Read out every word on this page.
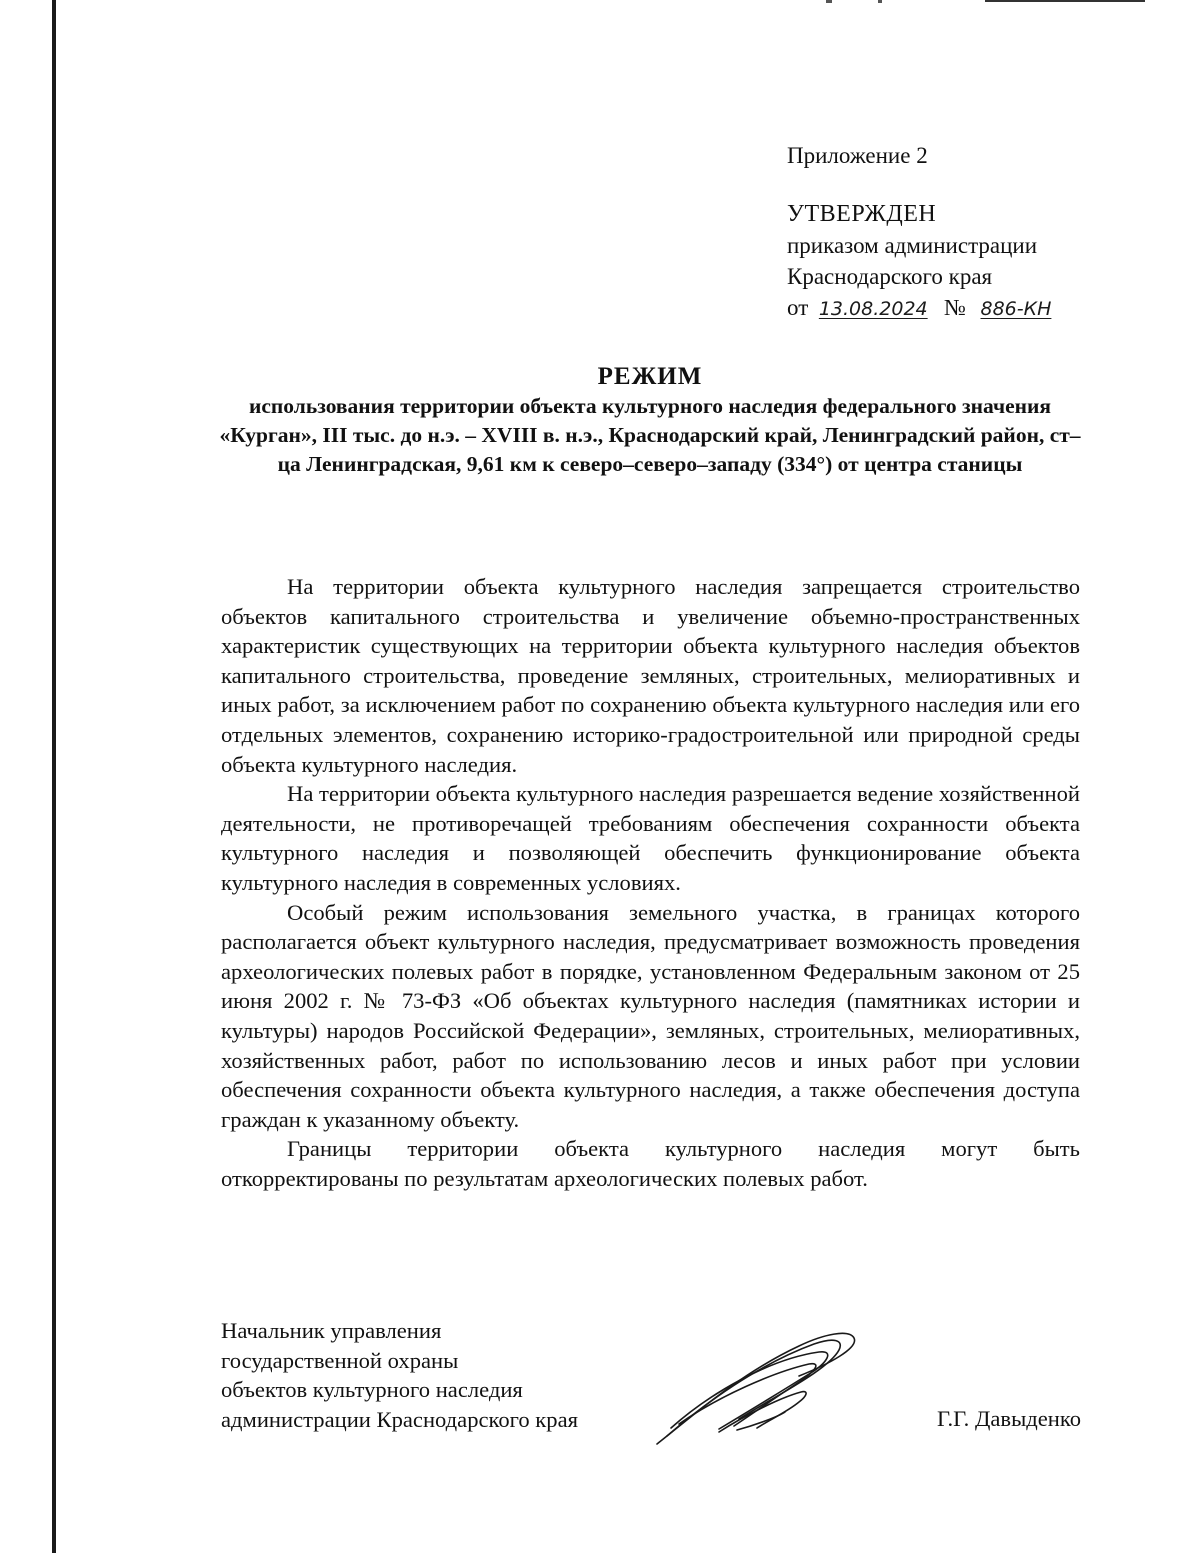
Приложение 2
УТВЕРЖДЕН
приказом администрации
Краснодарского края
от 13.08.2024 № 886-КН
РЕЖИМ
использования территории объекта культурного наследия федерального значения «Курган», III тыс. до н.э. – XVIII в. н.э., Краснодарский край, Ленинградский район, ст–ца Ленинградская, 9,61 км к северо–северо–западу (334°) от центра станицы

На территории объекта культурного наследия запрещается строительство объектов капитального строительства и увеличение объемно-пространственных характеристик существующих на территории объекта культурного наследия объектов капитального строительства, проведение земляных, строительных, мелиоративных и иных работ, за исключением работ по сохранению объекта культурного наследия или его отдельных элементов, сохранению историко-градостроительной или природной среды объекта культурного наследия.

На территории объекта культурного наследия разрешается ведение хозяйственной деятельности, не противоречащей требованиям обеспечения сохранности объекта культурного наследия и позволяющей обеспечить функционирование объекта культурного наследия в современных условиях.

Особый режим использования земельного участка, в границах которого располагается объект культурного наследия, предусматривает возможность проведения археологических полевых работ в порядке, установленном Федеральным законом от 25 июня 2002 г. № 73-ФЗ «Об объектах культурного наследия (памятниках истории и культуры) народов Российской Федерации», земляных, строительных, мелиоративных, хозяйственных работ, работ по использованию лесов и иных работ при условии обеспечения сохранности объекта культурного наследия, а также обеспечения доступа граждан к указанному объекту.

Границы территории объекта культурного наследия могут быть откорректированы по результатам археологических полевых работ.

Начальник управления
государственной охраны
объектов культурного наследия
администрации Краснодарского края	Г.Г. Давыденко
